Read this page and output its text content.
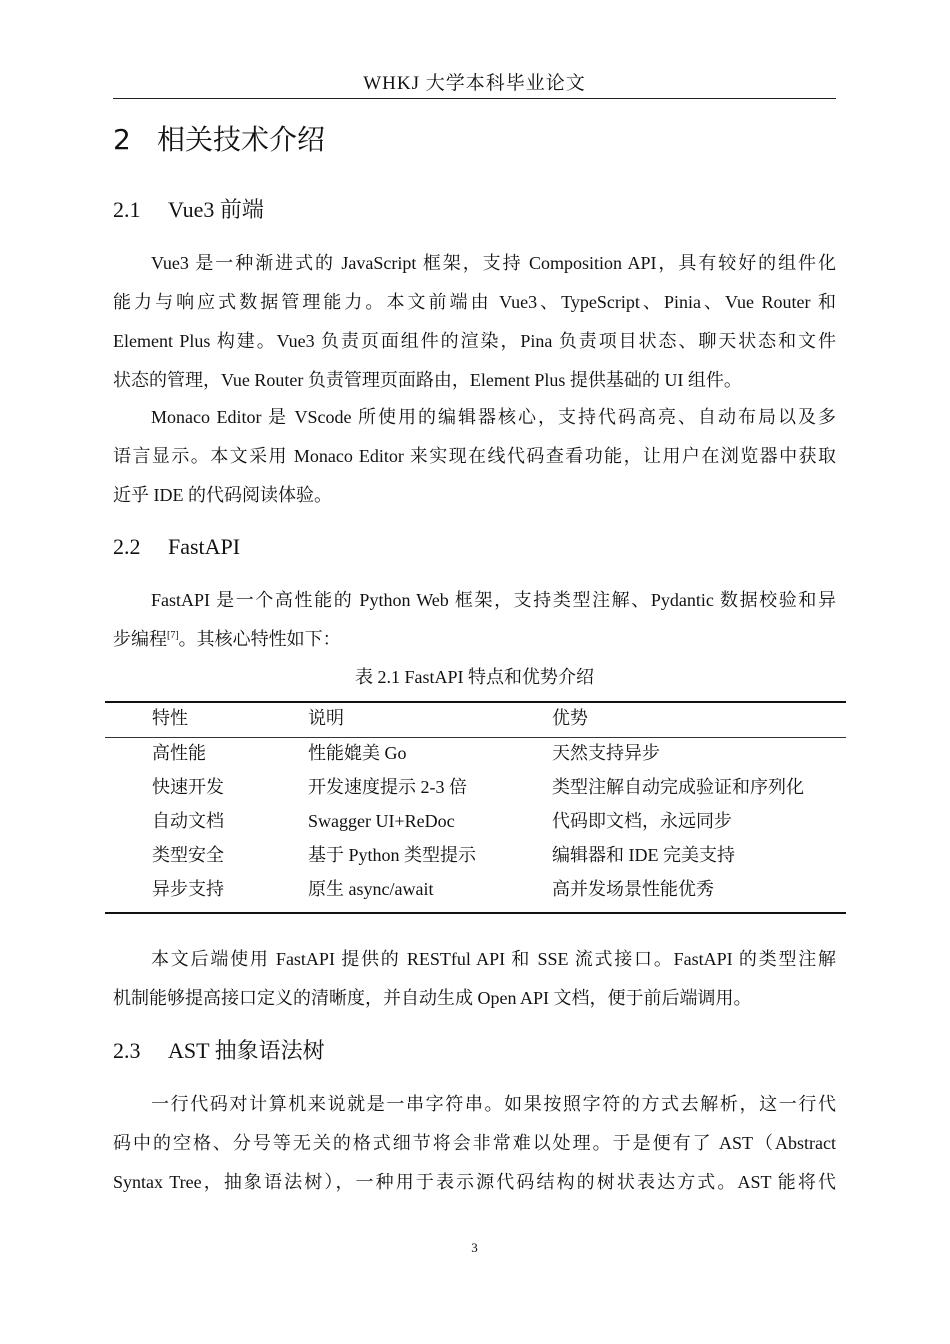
WHKJ 大学本科毕业论文
2 相关技术介绍
2.1 Vue3 前端
Vue3 是一种渐进式的 JavaScript 框架，支持 Composition API，具有较好的组件化
能力与响应式数据管理能力。本文前端由 Vue3、TypeScript、Pinia、Vue Router 和
Element Plus 构建。Vue3 负责页面组件的渲染，Pina 负责项目状态、聊天状态和文件
状态的管理，Vue Router 负责管理页面路由，Element Plus 提供基础的 UI 组件。
Monaco Editor 是 VScode 所使用的编辑器核心，支持代码高亮、自动布局以及多
语言显示。本文采用 Monaco Editor 来实现在线代码查看功能，让用户在浏览器中获取
近乎 IDE 的代码阅读体验。
2.2 FastAPI
FastAPI 是一个高性能的 Python Web 框架，支持类型注解、Pydantic 数据校验和异
步编程[7]。其核心特性如下：
表 2.1 FastAPI 特点和优势介绍
特性	说明	优势
高性能	性能媲美 Go	天然支持异步
快速开发	开发速度提示 2-3 倍	类型注解自动完成验证和序列化
自动文档	Swagger UI+ReDoc	代码即文档，永远同步
类型安全	基于 Python 类型提示	编辑器和 IDE 完美支持
异步支持	原生 async/await	高并发场景性能优秀
本文后端使用 FastAPI 提供的 RESTful API 和 SSE 流式接口。FastAPI 的类型注解
机制能够提高接口定义的清晰度，并自动生成 Open API 文档，便于前后端调用。
2.3 AST 抽象语法树
一行代码对计算机来说就是一串字符串。如果按照字符的方式去解析，这一行代
码中的空格、分号等无关的格式细节将会非常难以处理。于是便有了 AST（Abstract
Syntax Tree，抽象语法树），一种用于表示源代码结构的树状表达方式。AST 能将代
3
